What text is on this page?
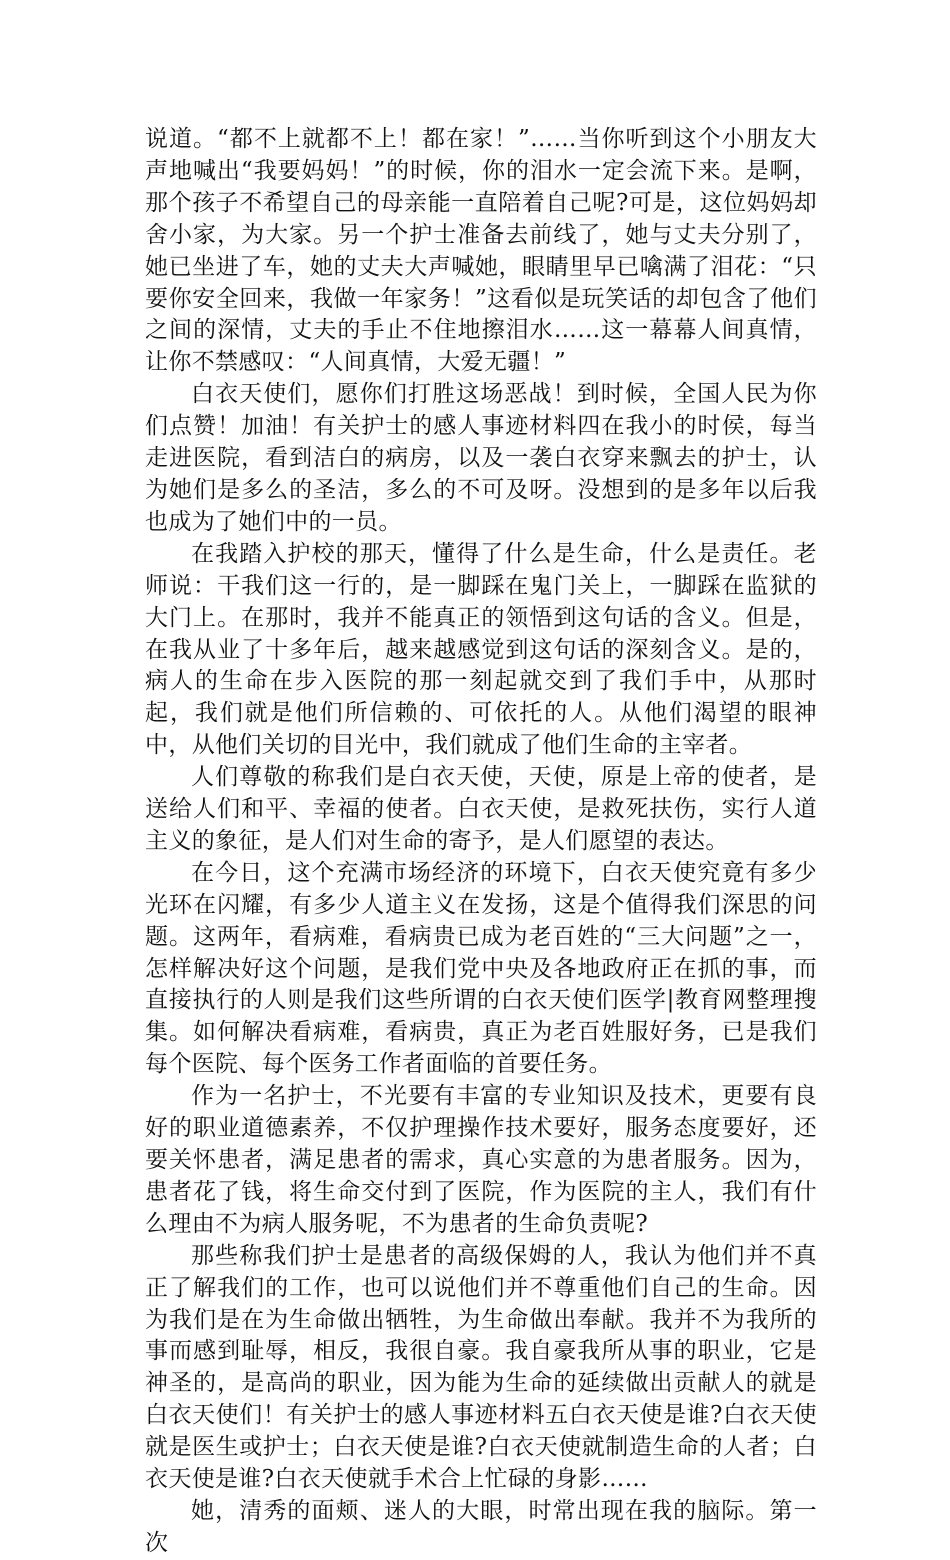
说道。“都不上就都不上！都在家！”……当你听到这个小朋友大声地喊出“我要妈妈！”的时候，你的泪水一定会流下来。是啊，那个孩子不希望自己的母亲能一直陪着自己呢?可是，这位妈妈却舍小家，为大家。另一个护士准备去前线了，她与丈夫分别了，她已坐进了车，她的丈夫大声喊她，眼睛里早已噙满了泪花：“只要你安全回来，我做一年家务！”这看似是玩笑话的却包含了他们之间的深情，丈夫的手止不住地擦泪水……这一幕幕人间真情，让你不禁感叹：“人间真情，大爱无疆！”

白衣天使们，愿你们打胜这场恶战！到时候，全国人民为你们点赞！加油！有关护士的感人事迹材料四在我小的时侯，每当走进医院，看到洁白的病房，以及一袭白衣穿来飘去的护士，认为她们是多么的圣洁，多么的不可及呀。没想到的是多年以后我也成为了她们中的一员。

在我踏入护校的那天，懂得了什么是生命，什么是责任。老师说：干我们这一行的，是一脚踩在鬼门关上，一脚踩在监狱的大门上。在那时，我并不能真正的领悟到这句话的含义。但是，在我从业了十多年后，越来越感觉到这句话的深刻含义。是的，病人的生命在步入医院的那一刻起就交到了我们手中，从那时起，我们就是他们所信赖的、可依托的人。从他们渴望的眼神中，从他们关切的目光中，我们就成了他们生命的主宰者。

人们尊敬的称我们是白衣天使，天使，原是上帝的使者，是送给人们和平、幸福的使者。白衣天使，是救死扶伤，实行人道主义的象征，是人们对生命的寄予，是人们愿望的表达。

在今日，这个充满市场经济的环境下，白衣天使究竟有多少光环在闪耀，有多少人道主义在发扬，这是个值得我们深思的问题。这两年，看病难，看病贵已成为老百姓的“三大问题”之一，怎样解决好这个问题，是我们党中央及各地政府正在抓的事，而直接执行的人则是我们这些所谓的白衣天使们医学|教育网整理搜集。如何解决看病难，看病贵，真正为老百姓服好务，已是我们每个医院、每个医务工作者面临的首要任务。

作为一名护士，不光要有丰富的专业知识及技术，更要有良好的职业道德素养，不仅护理操作技术要好，服务态度要好，还要关怀患者，满足患者的需求，真心实意的为患者服务。因为，患者花了钱，将生命交付到了医院，作为医院的主人，我们有什么理由不为病人服务呢，不为患者的生命负责呢?

那些称我们护士是患者的高级保姆的人，我认为他们并不真正了解我们的工作，也可以说他们并不尊重他们自己的生命。因为我们是在为生命做出牺牲，为生命做出奉献。我并不为我所的事而感到耻辱，相反，我很自豪。我自豪我所从事的职业，它是神圣的，是高尚的职业，因为能为生命的延续做出贡献人的就是白衣天使们！有关护士的感人事迹材料五白衣天使是谁?白衣天使就是医生或护士；白衣天使是谁?白衣天使就制造生命的人者；白衣天使是谁?白衣天使就手术合上忙碌的身影……

她，清秀的面颊、迷人的大眼，时常出现在我的脑际。第一次
